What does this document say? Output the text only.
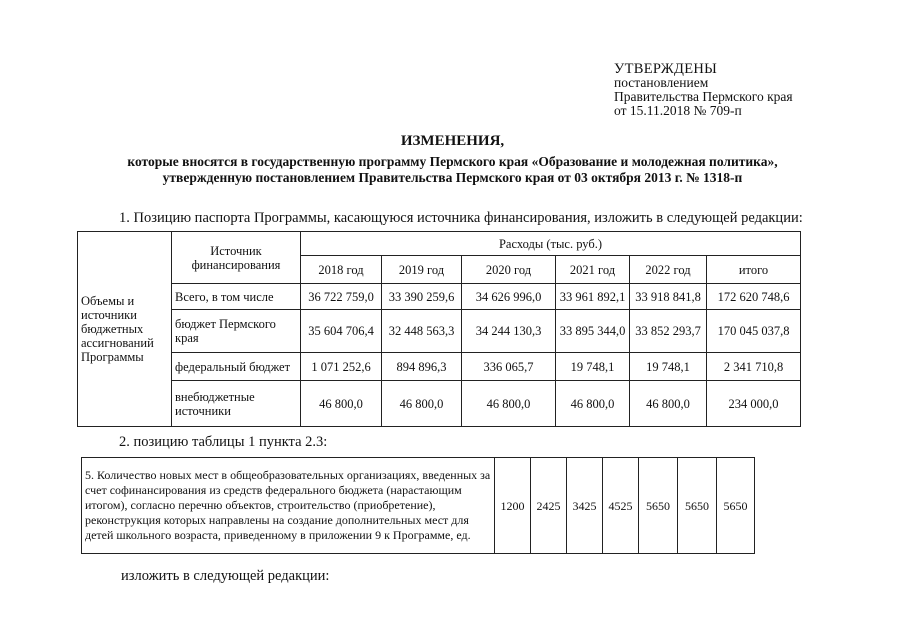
УТВЕРЖДЕНЫ
постановлением
Правительства Пермского края
от 15.11.2018 № 709-п
ИЗМЕНЕНИЯ,
которые вносятся в государственную программу Пермского края «Образование и молодежная политика»,
утвержденную постановлением Правительства Пермского края от 03 октября 2013 г. № 1318-п
1. Позицию паспорта Программы, касающуюся источника финансирования, изложить в следующей редакции:
Объемы и источники бюджетных ассигнований Программы	Источник финансирования	Расходы (тыс. руб.)					
		2018 год	2019 год	2020 год	2021 год	2022 год	итого
	Всего, в том числе	36 722 759,0	33 390 259,6	34 626 996,0	33 961 892,1	33 918 841,8	172 620 748,6
	бюджет Пермского края	35 604 706,4	32 448 563,3	34 244 130,3	33 895 344,0	33 852 293,7	170 045 037,8
	федеральный бюджет	1 071 252,6	894 896,3	336 065,7	19 748,1	19 748,1	2 341 710,8
	внебюджетные источники	46 800,0	46 800,0	46 800,0	46 800,0	46 800,0	234 000,0
2. позицию таблицы 1 пункта 2.3:
5. Количество новых мест в общеобразовательных организациях, введенных за счет софинансирования из средств федерального бюджета (нарастающим итогом), согласно перечню объектов, строительство (приобретение), реконструкция которых направлены на создание дополнительных мест для детей школьного возраста, приведенному в приложении 9 к Программе, ед.	1200	2425	3425	4525	5650	5650	5650
изложить в следующей редакции:
